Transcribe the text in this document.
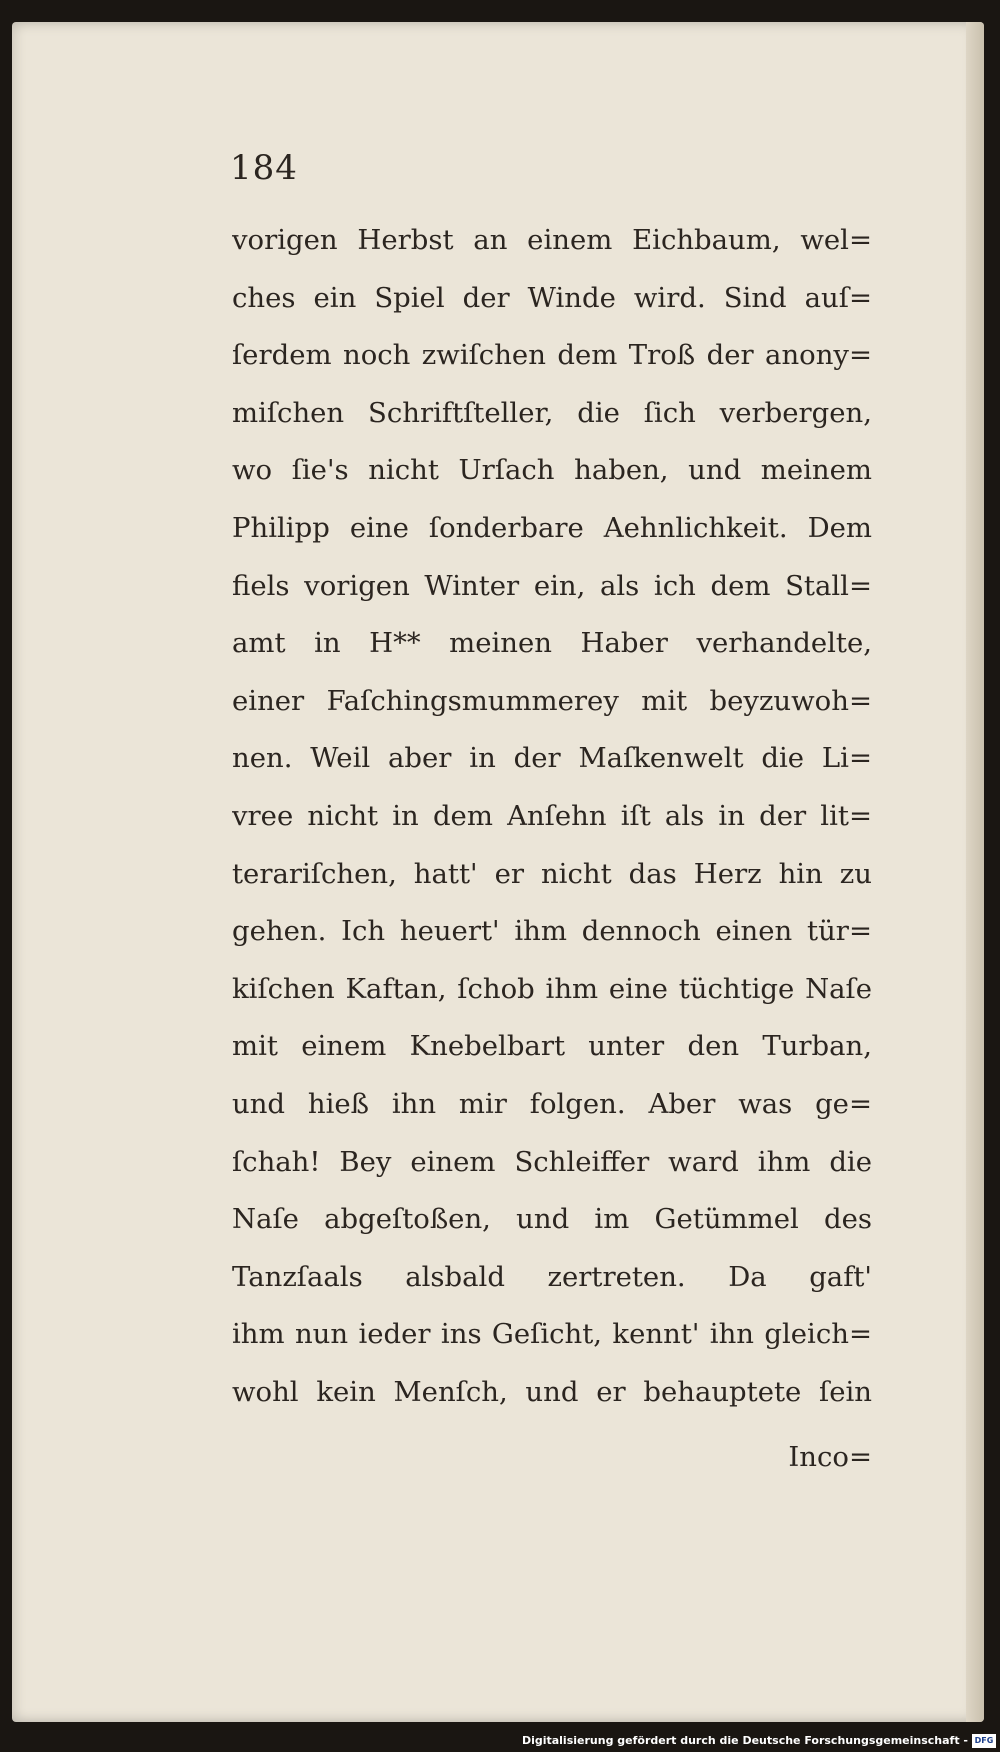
184
vorigen Herbst an einem Eichbaum, wel=
ches ein Spiel der Winde wird. Sind auſ=
ſerdem noch zwiſchen dem Troß der anony=
miſchen Schriftſteller, die ſich verbergen,
wo ſie's nicht Urſach haben, und meinem
Philipp eine ſonderbare Aehnlichkeit. Dem
fiels vorigen Winter ein, als ich dem Stall=
amt in H** meinen Haber verhandelte,
einer Faſchingsmummerey mit beyzuwoh=
nen. Weil aber in der Maſkenwelt die Li=
vree nicht in dem Anſehn iſt als in der lit=
terariſchen, hatt' er nicht das Herz hin zu
gehen. Ich heuert' ihm dennoch einen tür=
kiſchen Kaftan, ſchob ihm eine tüchtige Naſe
mit einem Knebelbart unter den Turban,
und hieß ihn mir folgen. Aber was ge=
ſchah! Bey einem Schleiffer ward ihm die
Naſe abgeſtoßen, und im Getümmel des
Tanzſaals alsbald zertreten. Da gaft'
ihm nun ieder ins Geſicht, kennt' ihn gleich=
wohl kein Menſch, und er behauptete ſein
Inco=
Digitalisierung gefördert durch die Deutsche Forschungsgemeinschaft - DFG
